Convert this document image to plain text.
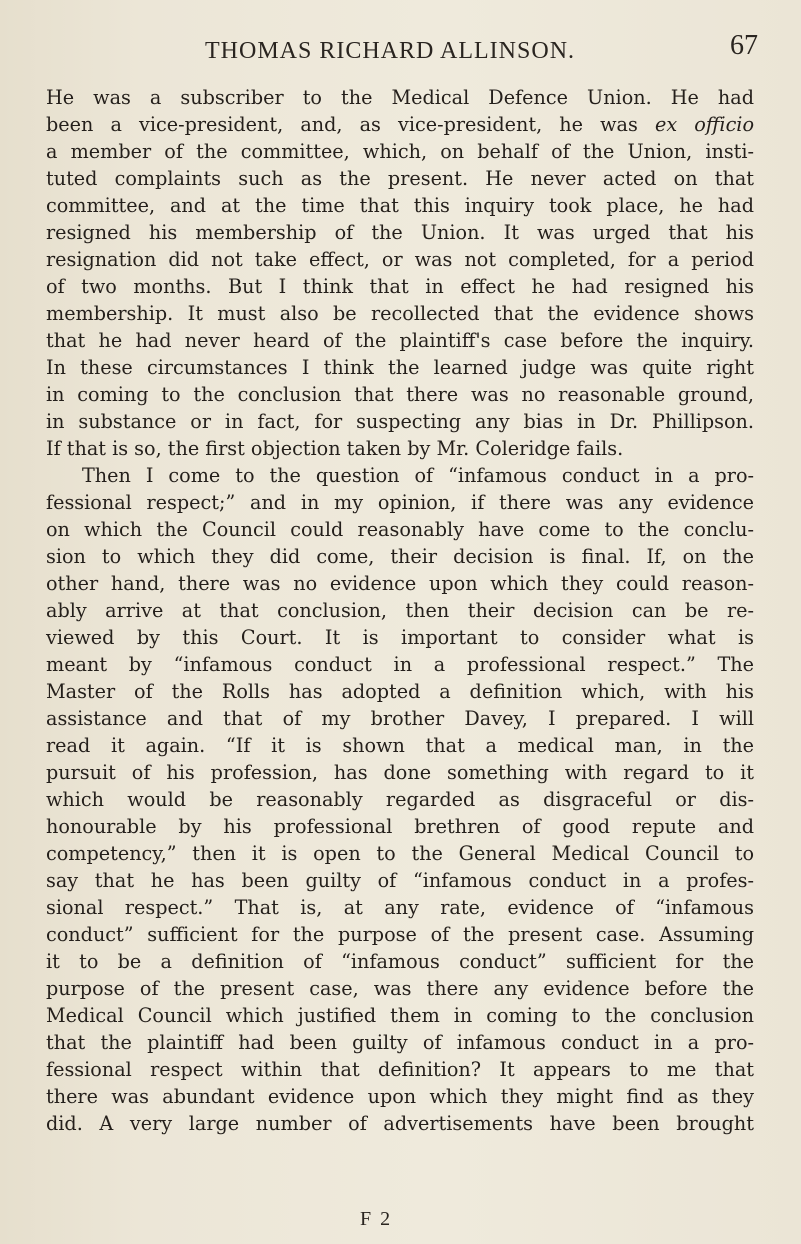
THOMAS RICHARD ALLINSON.	67
He was a subscriber to the Medical Defence Union. He had
been a vice-president, and, as vice-president, he was ex officio
a member of the committee, which, on behalf of the Union, insti-
tuted complaints such as the present. He never acted on that
committee, and at the time that this inquiry took place, he had
resigned his membership of the Union. It was urged that his
resignation did not take effect, or was not completed, for a period
of two months. But I think that in effect he had resigned his
membership. It must also be recollected that the evidence shows
that he had never heard of the plaintiff's case before the inquiry.
In these circumstances I think the learned judge was quite right
in coming to the conclusion that there was no reasonable ground,
in substance or in fact, for suspecting any bias in Dr. Phillipson.
If that is so, the first objection taken by Mr. Coleridge fails.
Then I come to the question of “infamous conduct in a pro-
fessional respect;” and in my opinion, if there was any evidence
on which the Council could reasonably have come to the conclu-
sion to which they did come, their decision is final. If, on the
other hand, there was no evidence upon which they could reason-
ably arrive at that conclusion, then their decision can be re-
viewed by this Court. It is important to consider what is
meant by “infamous conduct in a professional respect.” The
Master of the Rolls has adopted a definition which, with his
assistance and that of my brother Davey, I prepared. I will
read it again. “If it is shown that a medical man, in the
pursuit of his profession, has done something with regard to it
which would be reasonably regarded as disgraceful or dis-
honourable by his professional brethren of good repute and
competency,” then it is open to the General Medical Council to
say that he has been guilty of “infamous conduct in a profes-
sional respect.” That is, at any rate, evidence of “infamous
conduct” sufficient for the purpose of the present case. Assuming
it to be a definition of “infamous conduct” sufficient for the
purpose of the present case, was there any evidence before the
Medical Council which justified them in coming to the conclusion
that the plaintiff had been guilty of infamous conduct in a pro-
fessional respect within that definition? It appears to me that
there was abundant evidence upon which they might find as they
did. A very large number of advertisements have been brought
F 2
